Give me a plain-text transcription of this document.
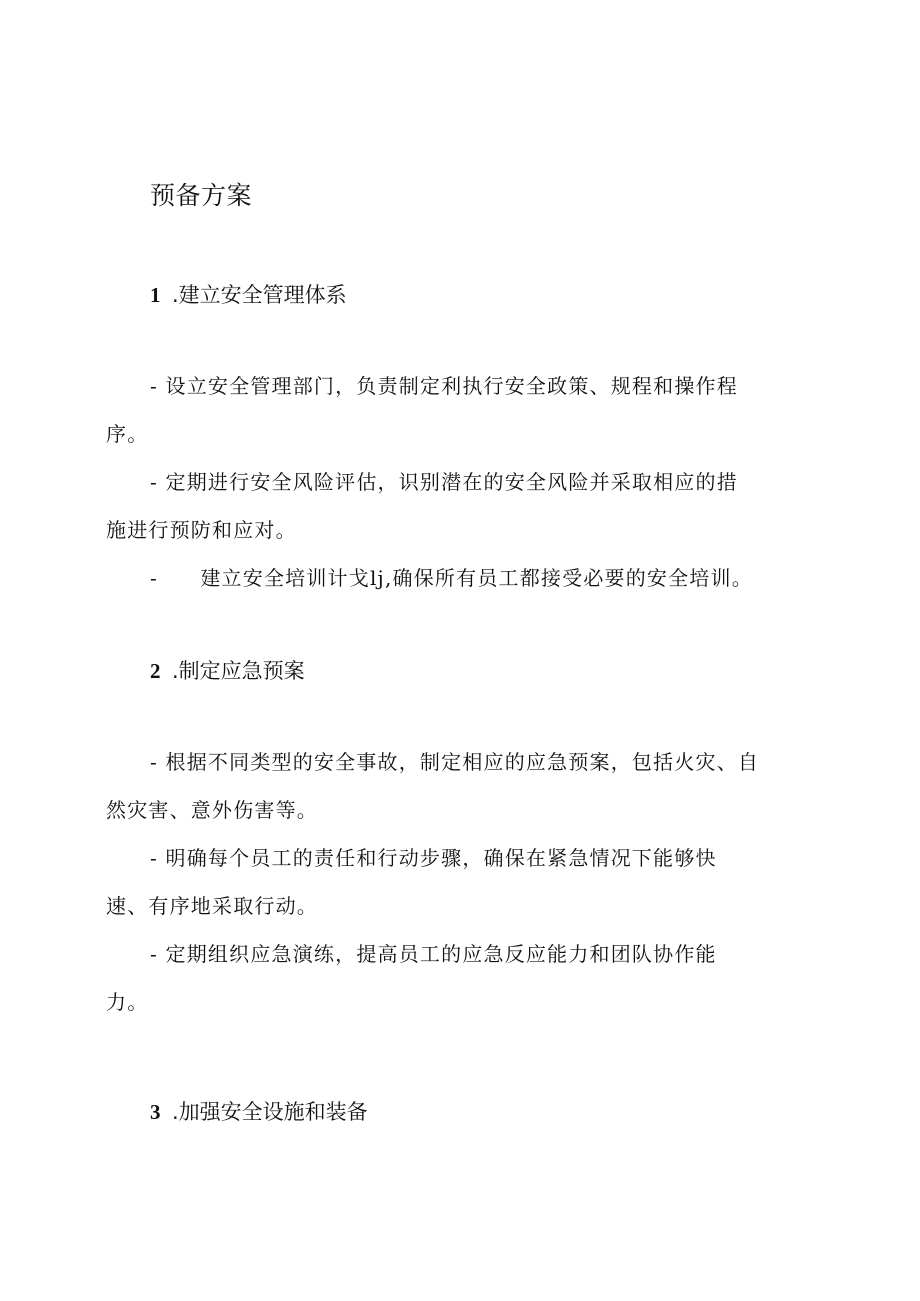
预备方案
1 .建立安全管理体系
- 设立安全管理部门，负责制定利执行安全政策、规程和操作程
序。
- 定期进行安全风险评估，识别潜在的安全风险并采取相应的措
施进行预防和应对。
-　　建立安全培训计戈lj,确保所有员工都接受必要的安全培训。
2 .制定应急预案
- 根据不同类型的安全事故，制定相应的应急预案，包括火灾、自
然灾害、意外伤害等。
- 明确每个员工的责任和行动步骤，确保在紧急情况下能够快
速、有序地采取行动。
- 定期组织应急演练，提高员工的应急反应能力和团队协作能
力。
3 .加强安全设施和装备
